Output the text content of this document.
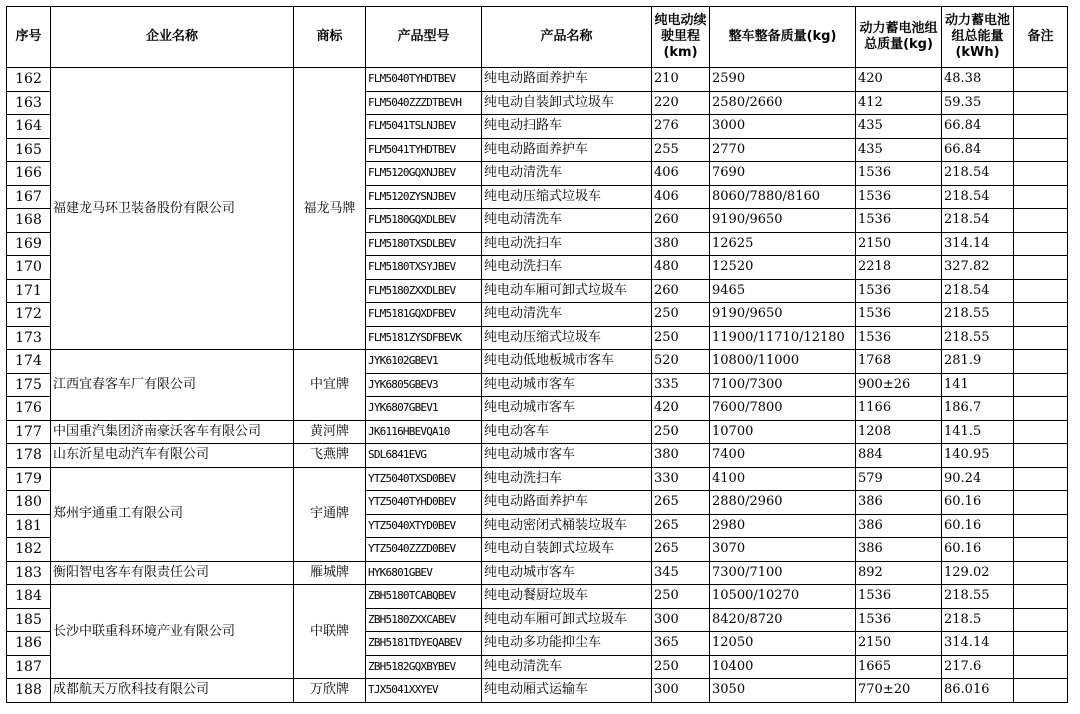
序号	企业名称	商标	产品型号	产品名称	纯电动续驶里程(km)	整车整备质量(kg)	动力蓄电池组总质量(kg)	动力蓄电池组总能量(kWh)	备注
162	福建龙马环卫装备股份有限公司	福龙马牌	FLM5040TYHDTBEV	纯电动路面养护车	210	2590	420	48.38	
163			FLM5040ZZZDTBEVH	纯电动自装卸式垃圾车	220	2580/2660	412	59.35	
164			FLM5041TSLNJBEV	纯电动扫路车	276	3000	435	66.84	
165			FLM5041TYHDTBEV	纯电动路面养护车	255	2770	435	66.84	
166			FLM5120GQXNJBEV	纯电动清洗车	406	7690	1536	218.54	
167			FLM5120ZYSNJBEV	纯电动压缩式垃圾车	406	8060/7880/8160	1536	218.54	
168			FLM5180GQXDLBEV	纯电动清洗车	260	9190/9650	1536	218.54	
169			FLM5180TXSDLBEV	纯电动洗扫车	380	12625	2150	314.14	
170			FLM5180TXSYJBEV	纯电动洗扫车	480	12520	2218	327.82	
171			FLM5180ZXXDLBEV	纯电动车厢可卸式垃圾车	260	9465	1536	218.54	
172			FLM5181GQXDFBEV	纯电动清洗车	250	9190/9650	1536	218.55	
173			FLM5181ZYSDFBEVK	纯电动压缩式垃圾车	250	11900/11710/12180	1536	218.55	
174	江西宜春客车厂有限公司	中宜牌	JYK6102GBEV1	纯电动低地板城市客车	520	10800/11000	1768	281.9	
175			JYK6805GBEV3	纯电动城市客车	335	7100/7300	900±26	141	
176			JYK6807GBEV1	纯电动城市客车	420	7600/7800	1166	186.7	
177	中国重汽集团济南豪沃客车有限公司	黄河牌	JK6116HBEVQA10	纯电动客车	250	10700	1208	141.5	
178	山东沂星电动汽车有限公司	飞燕牌	SDL6841EVG	纯电动城市客车	380	7400	884	140.95	
179	郑州宇通重工有限公司	宇通牌	YTZ5040TXSD0BEV	纯电动洗扫车	330	4100	579	90.24	
180			YTZ5040TYHD0BEV	纯电动路面养护车	265	2880/2960	386	60.16	
181			YTZ5040XTYD0BEV	纯电动密闭式桶装垃圾车	265	2980	386	60.16	
182			YTZ5040ZZZD0BEV	纯电动自装卸式垃圾车	265	3070	386	60.16	
183	衡阳智电客车有限责任公司	雁城牌	HYK6801GBEV	纯电动城市客车	345	7300/7100	892	129.02	
184	长沙中联重科环境产业有限公司	中联牌	ZBH5180TCABQBEV	纯电动餐厨垃圾车	250	10500/10270	1536	218.55	
185			ZBH5180ZXXCABEV	纯电动车厢可卸式垃圾车	300	8420/8720	1536	218.5	
186			ZBH5181TDYEQABEV	纯电动多功能抑尘车	365	12050	2150	314.14	
187			ZBH5182GQXBYBEV	纯电动清洗车	250	10400	1665	217.6	
188	成都航天万欣科技有限公司	万欣牌	TJX5041XXYEV	纯电动厢式运输车	300	3050	770±20	86.016	
